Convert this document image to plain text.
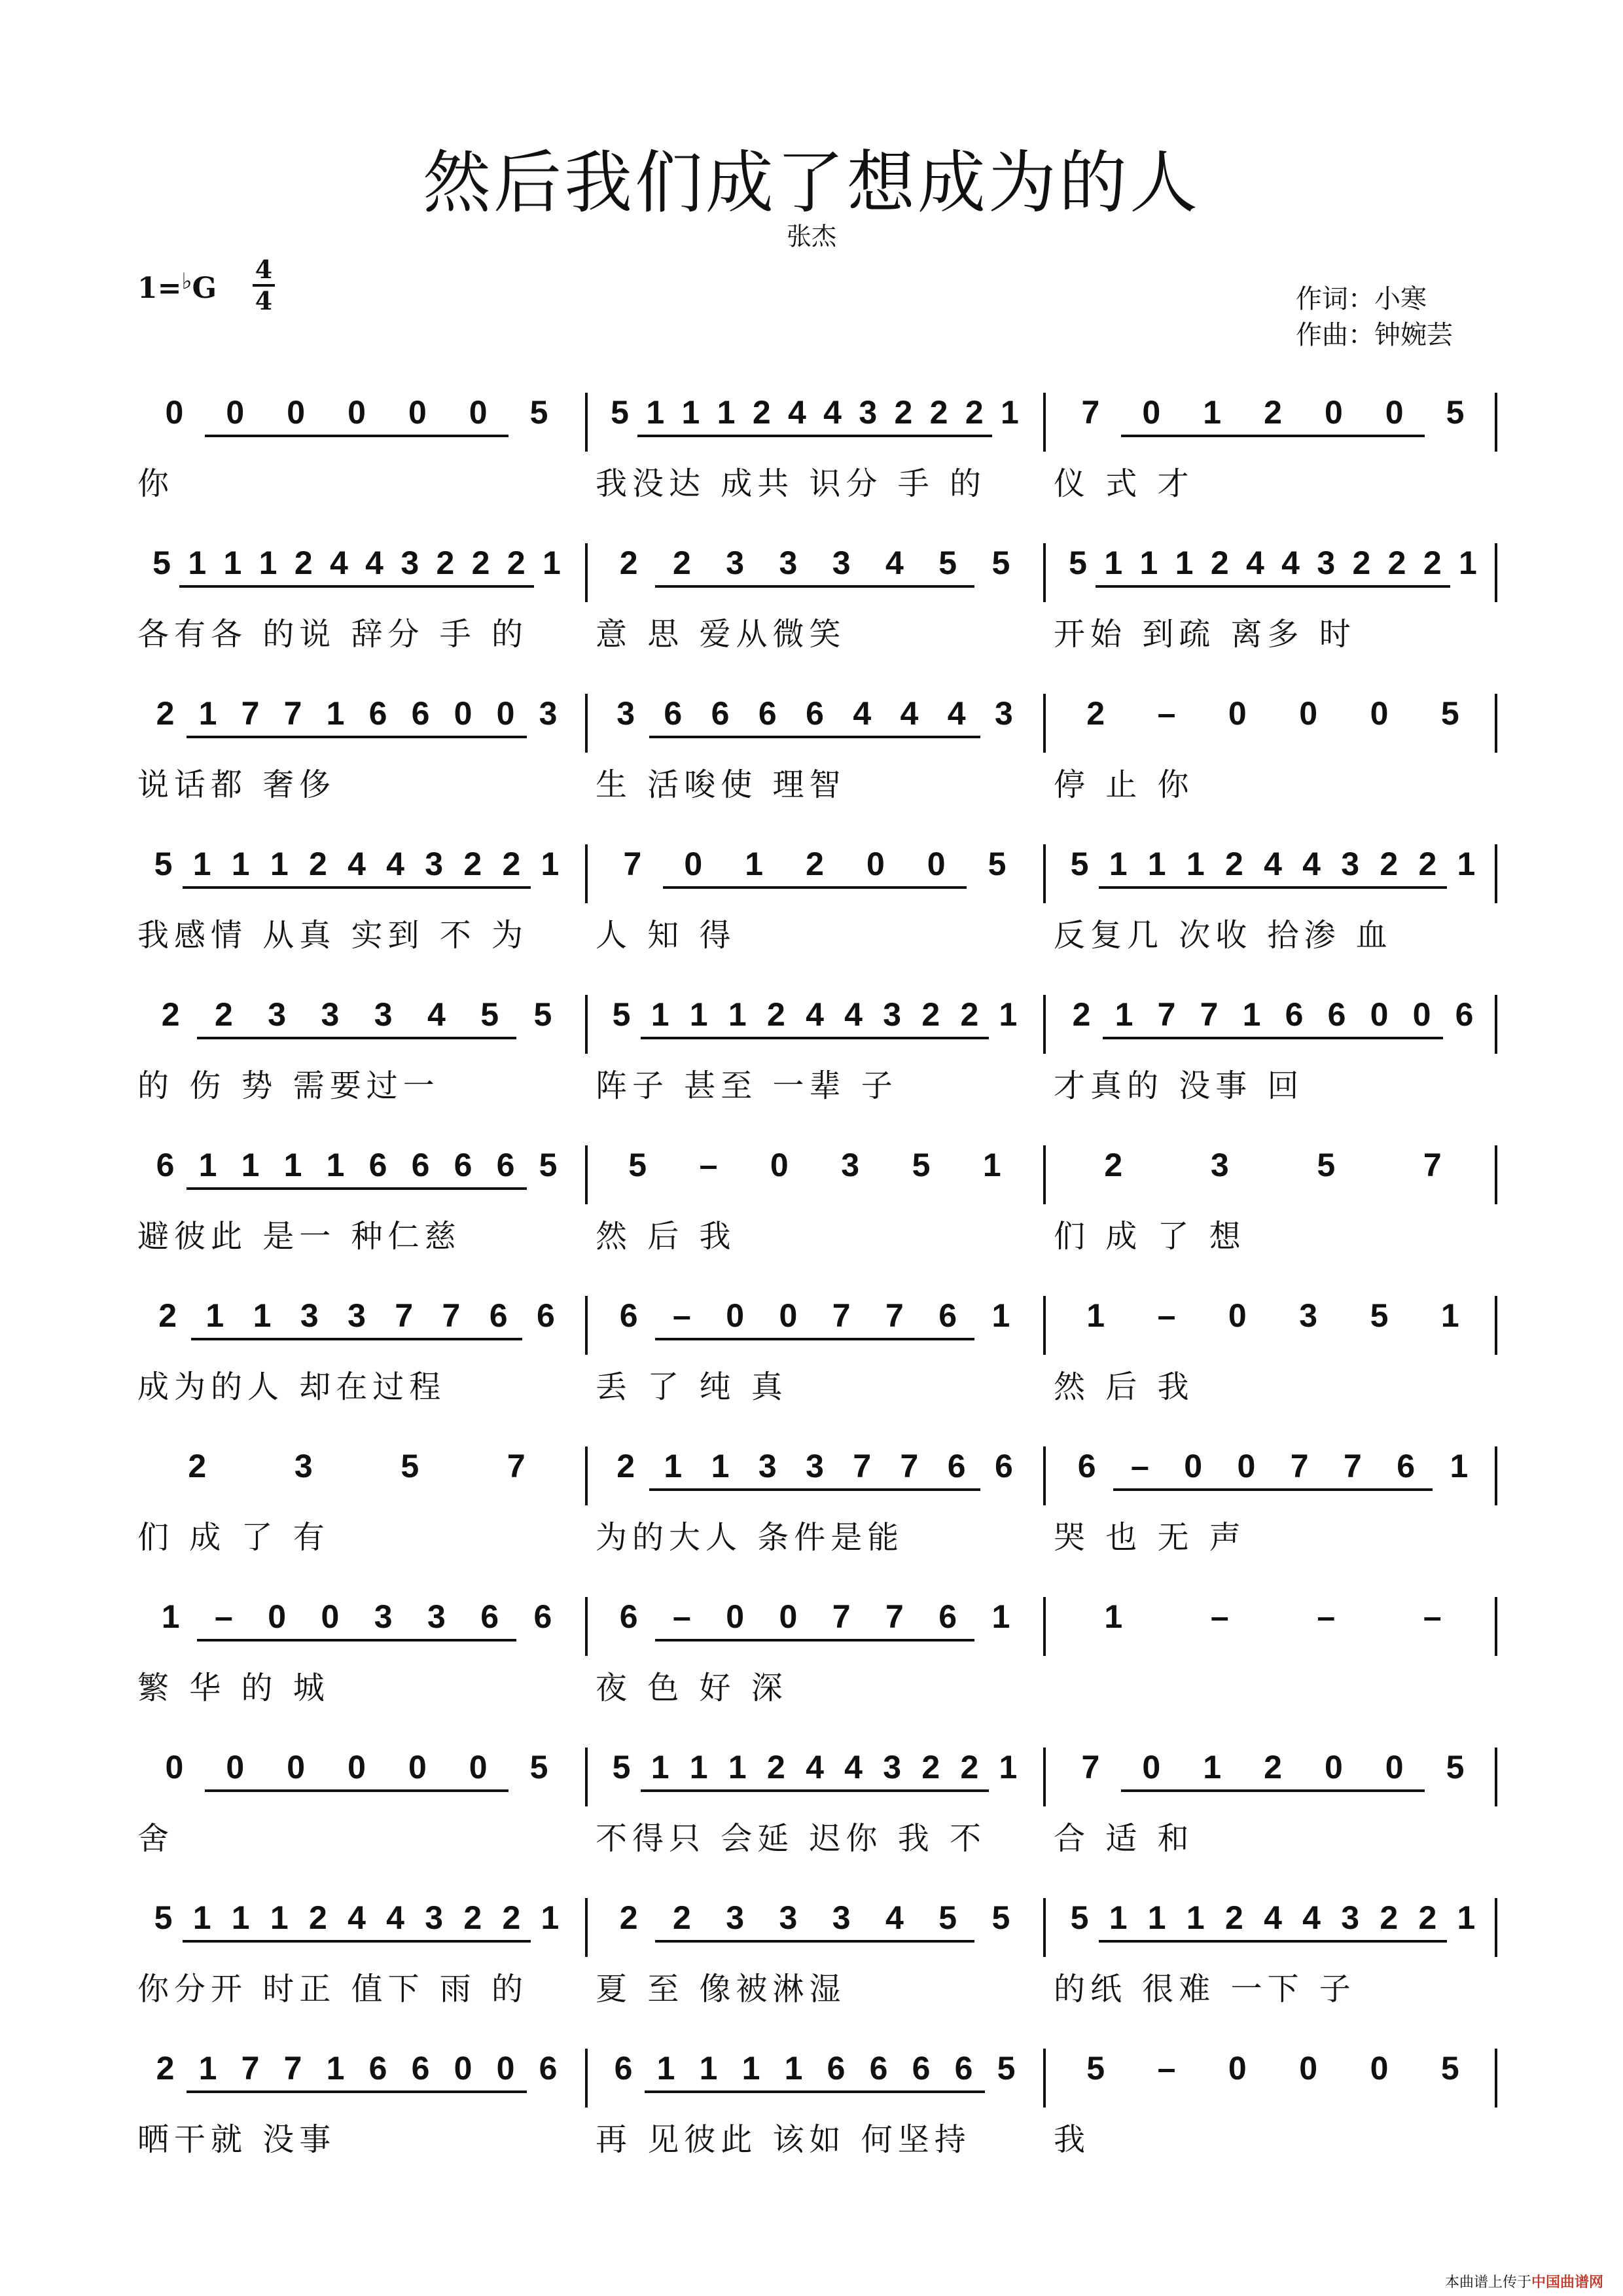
然后我们成了想成为的人
张杰
1=♭G
4
4	作词：小寒
作曲：钟婉芸
0	0	0	0	0	0	5
你
5 1 1 1 2 4 4 3 2 2 2 1
我没达 成共 识分 手 的
7	0	1	2	0	0	5
仪 式 才
5 1 1 1 2 4 4 3 2 2 2 1
各有各 的说 辞分 手 的
2	2	3	3	3	4	5	5
意 思 爱从微笑
5 1 1 1 2 4 4 3 2 2 2 1
开始 到疏 离多 时
2 1 7 7 1 6 6 0 0 3
说话都 奢侈
3 6 6 6 6 4 4 4 3
生 活唆使 理智
2	–	0	0	0	5
停 止 你
5 1 1 1 2 4 4 3 2 2 1
我感情 从真 实到 不 为
7	0	1	2	0	0	5
人 知 得
5 1 1 1 2 4 4 3 2 2 1
反复几 次收 拾渗 血
2	2	3	3	3	4	5	5
的 伤 势 需要过一
5 1 1 1 2 4 4 3 2 2 1
阵子 甚至 一辈 子
2 1 7 7 1 6 6 0 0 6
才真的 没事 回
6 1 1 1 1 6 6 6 6 5
避彼此 是一 种仁慈
5	–	0	3	5	1
然 后 我
2	3	5	7
们 成 了 想
2 1 1 3 3 7 7 6 6
成为的人 却在过程
6	–	0	0	7	7	6	1
丢 了 纯 真
1	–	0	3	5	1
然 后 我
2	3	5	7
们 成 了 有
2 1 1 3 3 7 7 6 6
为的大人 条件是能
6	–	0	0	7	7	6	1
哭 也 无 声
1	–	0	0	3	3	6	6
繁 华 的 城
6	–	0	0	7	7	6	1
夜 色 好 深
1	–	–	–
0	0	0	0	0	0	5
舍
5 1 1 1 2 4 4 3 2 2 1
不得只 会延 迟你 我 不
7	0	1	2	0	0	5
合 适 和
5 1 1 1 2 4 4 3 2 2 1
你分开 时正 值下 雨 的
2	2	3	3	3	4	5	5
夏 至 像被淋湿
5 1 1 1 2 4 4 3 2 2 1
的纸 很难 一下 子
2 1 7 7 1 6 6 0 0 6
晒干就 没事
6 1 1 1 1 6 6 6 6 5
再 见彼此 该如 何坚持
5	–	0	0	0	5
我
本曲谱上传于中国曲谱网
